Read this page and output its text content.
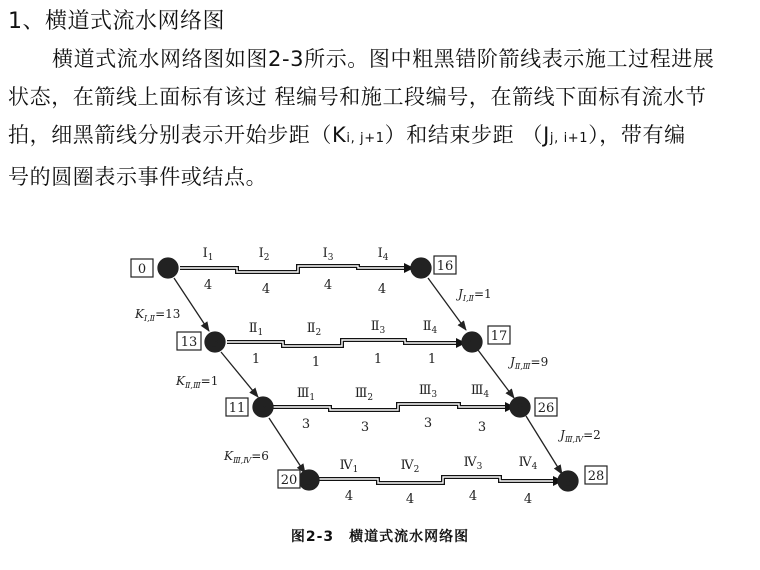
1、横道式流水网络图
横道式流水网络图如图2-3所示。图中粗黑错阶箭线表示施工过程进展
状态，在箭线上面标有该过 程编号和施工段编号，在箭线下面标有流水节
拍，细黑箭线分别表示开始步距（Ki, j+1）和结束步距 （Jj, i+1），带有编
号的圆圈表示事件或结点。
1	2
3	4
5	6
5	8
0	16
13	17
11	26
20	28
$Ⅰ_1$	$Ⅰ_2$	$Ⅰ_3$	$Ⅰ_4$
4	4	4	4
$Ⅱ_1$	$Ⅱ_2$	$Ⅱ_3$	$Ⅱ_4$
1	1	1	1
$Ⅲ_1$	$Ⅲ_2$	$Ⅲ_3$	$Ⅲ_4$
3	3	3	3
$Ⅳ_1$	$Ⅳ_2$	$Ⅳ_3$	$Ⅳ_4$
4	4	4	4
$K_{Ⅰ,Ⅱ}=13$
$K_{Ⅱ,Ⅲ}=1$
$K_{Ⅲ,Ⅳ}=6$
$J_{Ⅰ,Ⅱ}=1$
$J_{Ⅱ,Ⅲ}=9$
$J_{Ⅲ,Ⅳ}=2$
图2-3　横道式流水网络图
